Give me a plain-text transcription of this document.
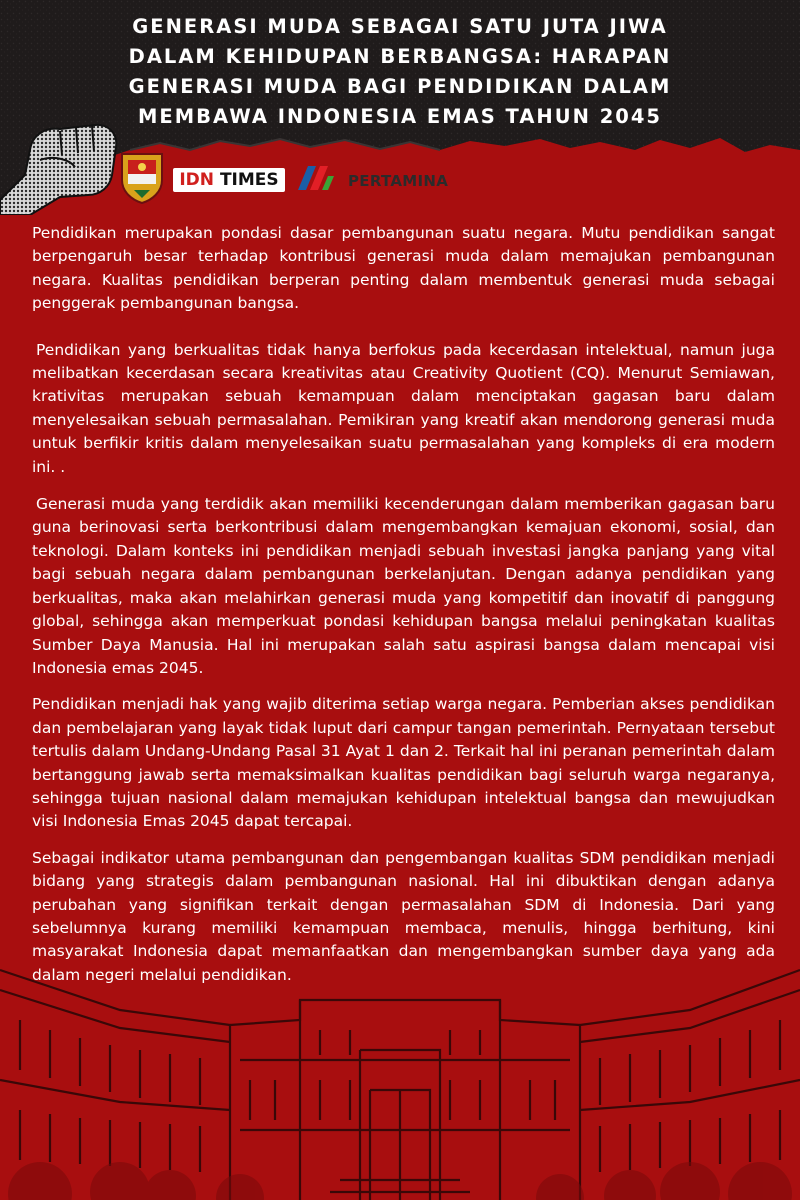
GENERASI MUDA SEBAGAI SATU JUTA JIWA
DALAM KEHIDUPAN BERBANGSA: HARAPAN
GENERASI MUDA BAGI PENDIDIKAN DALAM
MEMBAWA INDONESIA EMAS TAHUN 2045
IDN
TIMES	PERTAMINA

Pendidikan merupakan pondasi dasar pembangunan suatu negara. Mutu pendidikan sangat berpengaruh besar terhadap kontribusi generasi muda dalam memajukan pembangunan negara. Kualitas pendidikan berperan penting dalam membentuk generasi muda sebagai penggerak pembangunan bangsa.

Pendidikan yang berkualitas tidak hanya berfokus pada kecerdasan intelektual, namun juga melibatkan kecerdasan secara kreativitas atau Creativity Quotient (CQ). Menurut Semiawan, krativitas merupakan sebuah kemampuan dalam menciptakan gagasan baru dalam menyelesaikan sebuah permasalahan. Pemikiran yang kreatif akan mendorong generasi muda untuk berfikir kritis dalam menyelesaikan suatu permasalahan yang kompleks di era modern ini. .

Generasi muda yang terdidik akan memiliki kecenderungan dalam memberikan gagasan baru guna berinovasi serta berkontribusi dalam mengembangkan kemajuan ekonomi, sosial, dan teknologi. Dalam konteks ini pendidikan menjadi sebuah investasi jangka panjang yang vital bagi sebuah negara dalam pembangunan berkelanjutan. Dengan adanya pendidikan yang berkualitas, maka akan melahirkan generasi muda yang kompetitif dan inovatif di panggung global, sehingga akan memperkuat pondasi kehidupan bangsa melalui peningkatan kualitas Sumber Daya Manusia. Hal ini merupakan salah satu aspirasi bangsa dalam mencapai visi Indonesia emas 2045.

Pendidikan menjadi hak yang wajib diterima setiap warga negara. Pemberian akses pendidikan dan pembelajaran yang layak tidak luput dari campur tangan pemerintah. Pernyataan tersebut tertulis dalam Undang-Undang Pasal 31 Ayat 1 dan 2. Terkait hal ini peranan pemerintah dalam bertanggung jawab serta memaksimalkan kualitas pendidikan bagi seluruh warga negaranya, sehingga tujuan nasional dalam memajukan kehidupan intelektual bangsa dan mewujudkan visi Indonesia Emas 2045 dapat tercapai.

Sebagai indikator utama pembangunan dan pengembangan kualitas SDM pendidikan menjadi bidang yang strategis dalam pembangunan nasional. Hal ini dibuktikan dengan adanya perubahan yang signifikan terkait dengan permasalahan SDM di Indonesia. Dari yang sebelumnya kurang memiliki kemampuan membaca, menulis, hingga berhitung, kini masyarakat Indonesia dapat memanfaatkan dan mengembangkan sumber daya yang ada dalam negeri melalui pendidikan.
